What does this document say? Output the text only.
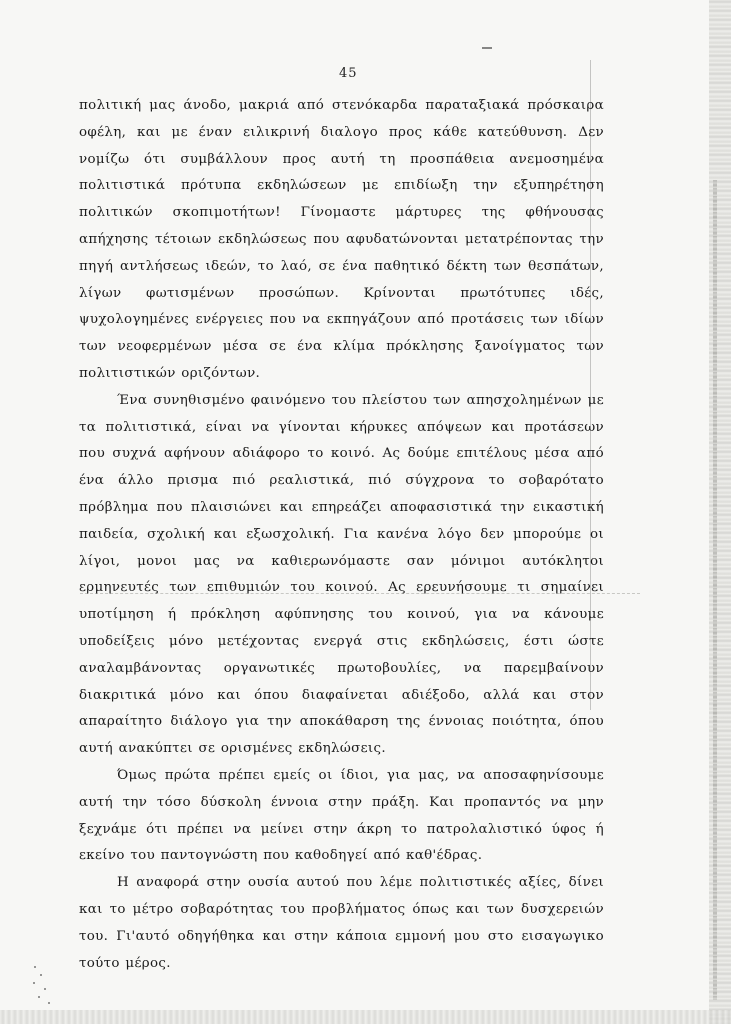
45

πολιτική μας άνοδο, μακριά από στενόκαρδα παραταξιακά πρόσκαιρα οφέλη, και με έναν ειλικρινή διαλογο προς κάθε κατεύθυνση. Δεν νομίζω ότι συμβάλλουν προς αυτή τη προσπάθεια ανεμοσημένα πολιτιστικά πρότυπα εκδηλώσεων με επιδίωξη την εξυπηρέτηση πολιτικών σκοπιμοτήτων! Γίνομαστε μάρτυρες της φθήνουσας απήχησης τέτοιων εκδηλώσεως που αφυδατώνονται μετατρέποντας την πηγή αντλήσεως ιδεών, το λαό, σε ένα παθητικό δέκτη των θεσπάτων, λίγων φωτισμένων προσώπων. Κρίνονται πρωτότυπες ιδές, ψυχολογημένες ενέργειες που να εκπηγάζουν από προτάσεις των ιδίων των νεοφερμένων μέσα σε ένα κλίμα πρόκλησης ξανοίγματος των πολιτιστικών οριζόντων.

Ένα συνηθισμένο φαινόμενο του πλείστου των απησχολημένων με τα πολιτιστικά, είναι να γίνονται κήρυκες απόψεων και προτάσεων που συχνά αφήνουν αδιάφορο το κοινό. Ας δούμε επιτέλους μέσα από ένα άλλο πρισμα πιό ρεαλιστικά, πιό σύγχρονα το σοβαρότατο πρόβλημα που πλαισιώνει και επηρεάζει αποφασιστικά την εικαστική παιδεία, σχολική και εξωσχολική. Για κανένα λόγο δεν μπορούμε οι λίγοι, μονοι μας να καθιερωνόμαστε σαν μόνιμοι αυτόκλητοι ερμηνευτές των επιθυμιών του κοινού. Ας ερευνήσουμε τι σημαίνει υποτίμηση ή πρόκληση αφύπνησης του κοινού, για να κάνουμε υποδείξεις μόνο μετέχοντας ενεργά στις εκδηλώσεις, έστι ώστε αναλαμβάνοντας οργανωτικές πρωτοβουλίες, να παρεμβαίνουν διακριτικά μόνο και όπου διαφαίνεται αδιέξοδο, αλλά και στον απαραίτητο διάλογο για την αποκάθαρση της έννοιας ποιότητα, όπου αυτή ανακύπτει σε ορισμένες εκδηλώσεις.

Όμως πρώτα πρέπει εμείς οι ίδιοι, για μας, να αποσαφηνίσουμε αυτή την τόσο δύσκολη έννοια στην πράξη. Και προπαντός να μην ξεχνάμε ότι πρέπει να μείνει στην άκρη το πατρολαλιστικό ύφος ή εκείνο του παντογνώστη που καθοδηγεί από καθ'έδρας.

Η αναφορά στην ουσία αυτού που λέμε πολιτιστικές αξίες, δίνει και το μέτρο σοβαρότητας του προβλήματος όπως και των δυσχερειών του. Γι'αυτό οδηγήθηκα και στην κάποια εμμονή μου στο εισαγωγικο τούτο μέρος.
